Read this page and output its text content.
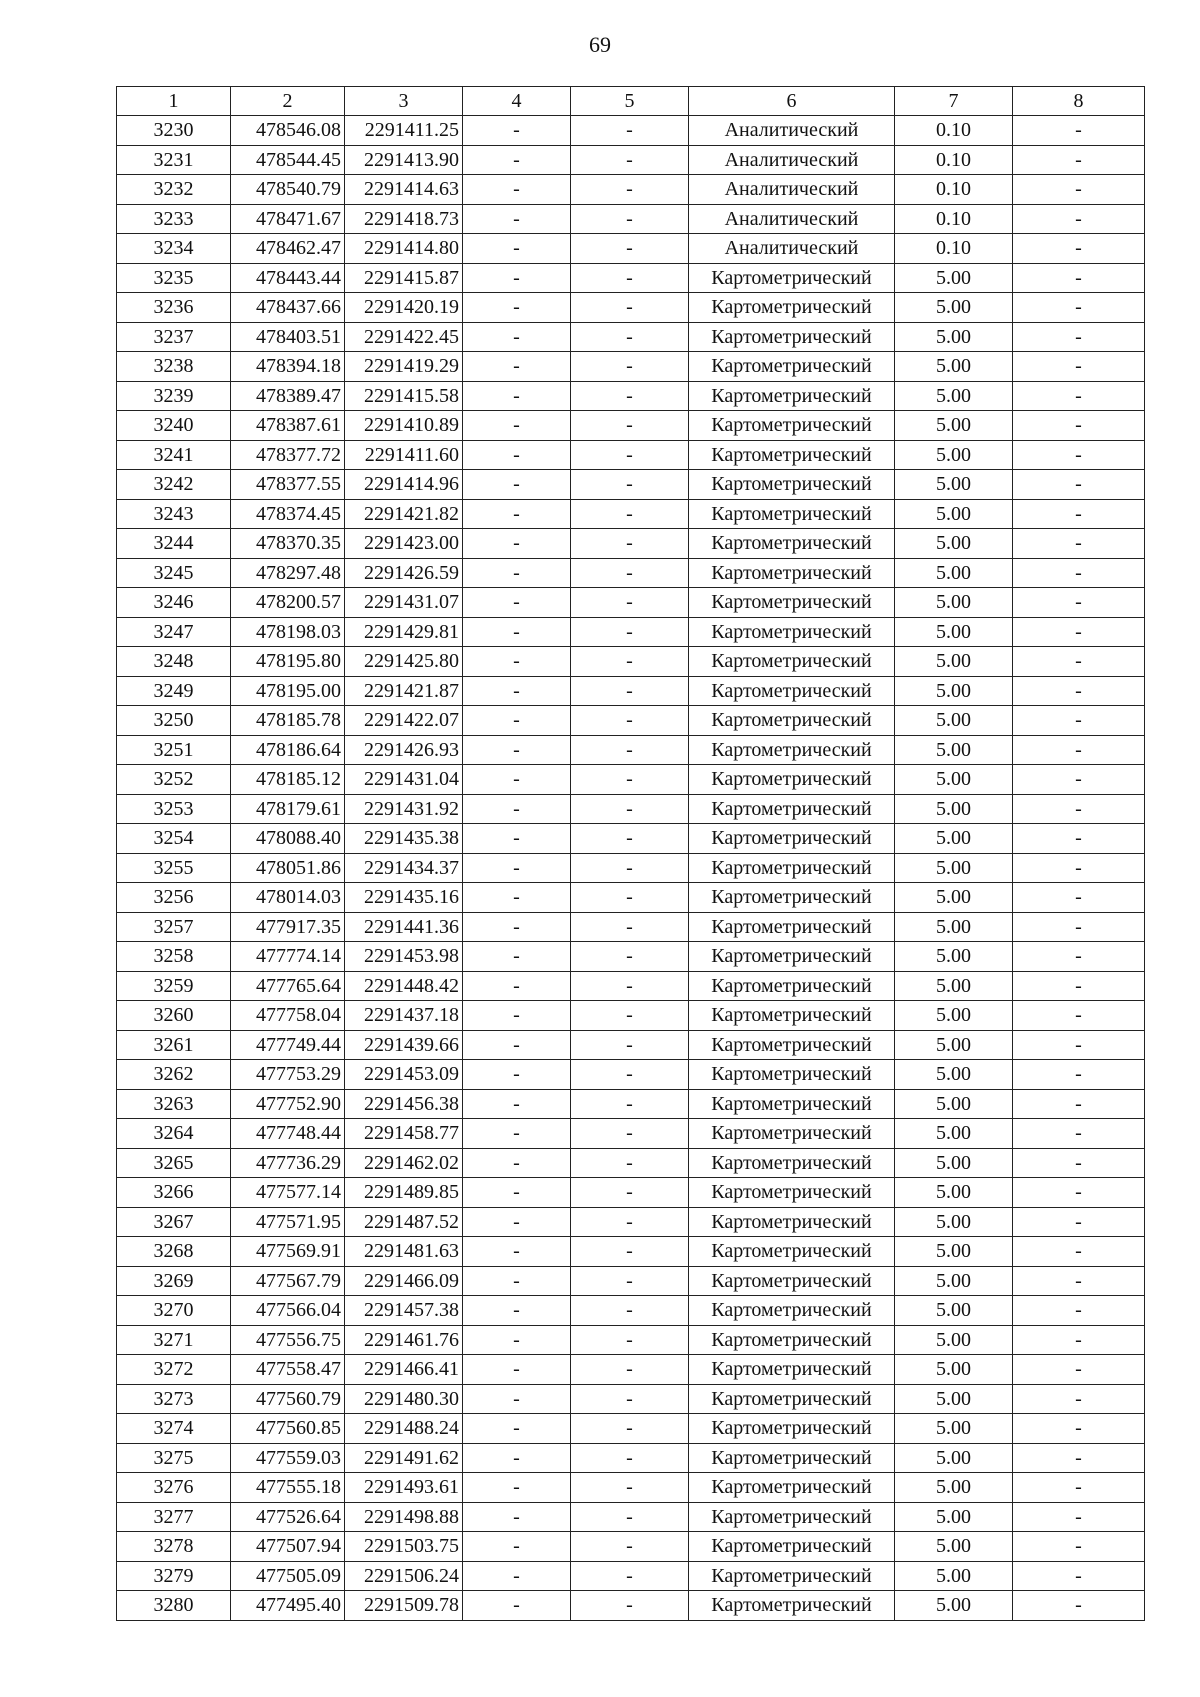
69
1	2	3	4	5	6	7	8
3230	478546.08	2291411.25	-	-	Аналитический	0.10	-
3231	478544.45	2291413.90	-	-	Аналитический	0.10	-
3232	478540.79	2291414.63	-	-	Аналитический	0.10	-
3233	478471.67	2291418.73	-	-	Аналитический	0.10	-
3234	478462.47	2291414.80	-	-	Аналитический	0.10	-
3235	478443.44	2291415.87	-	-	Картометрический	5.00	-
3236	478437.66	2291420.19	-	-	Картометрический	5.00	-
3237	478403.51	2291422.45	-	-	Картометрический	5.00	-
3238	478394.18	2291419.29	-	-	Картометрический	5.00	-
3239	478389.47	2291415.58	-	-	Картометрический	5.00	-
3240	478387.61	2291410.89	-	-	Картометрический	5.00	-
3241	478377.72	2291411.60	-	-	Картометрический	5.00	-
3242	478377.55	2291414.96	-	-	Картометрический	5.00	-
3243	478374.45	2291421.82	-	-	Картометрический	5.00	-
3244	478370.35	2291423.00	-	-	Картометрический	5.00	-
3245	478297.48	2291426.59	-	-	Картометрический	5.00	-
3246	478200.57	2291431.07	-	-	Картометрический	5.00	-
3247	478198.03	2291429.81	-	-	Картометрический	5.00	-
3248	478195.80	2291425.80	-	-	Картометрический	5.00	-
3249	478195.00	2291421.87	-	-	Картометрический	5.00	-
3250	478185.78	2291422.07	-	-	Картометрический	5.00	-
3251	478186.64	2291426.93	-	-	Картометрический	5.00	-
3252	478185.12	2291431.04	-	-	Картометрический	5.00	-
3253	478179.61	2291431.92	-	-	Картометрический	5.00	-
3254	478088.40	2291435.38	-	-	Картометрический	5.00	-
3255	478051.86	2291434.37	-	-	Картометрический	5.00	-
3256	478014.03	2291435.16	-	-	Картометрический	5.00	-
3257	477917.35	2291441.36	-	-	Картометрический	5.00	-
3258	477774.14	2291453.98	-	-	Картометрический	5.00	-
3259	477765.64	2291448.42	-	-	Картометрический	5.00	-
3260	477758.04	2291437.18	-	-	Картометрический	5.00	-
3261	477749.44	2291439.66	-	-	Картометрический	5.00	-
3262	477753.29	2291453.09	-	-	Картометрический	5.00	-
3263	477752.90	2291456.38	-	-	Картометрический	5.00	-
3264	477748.44	2291458.77	-	-	Картометрический	5.00	-
3265	477736.29	2291462.02	-	-	Картометрический	5.00	-
3266	477577.14	2291489.85	-	-	Картометрический	5.00	-
3267	477571.95	2291487.52	-	-	Картометрический	5.00	-
3268	477569.91	2291481.63	-	-	Картометрический	5.00	-
3269	477567.79	2291466.09	-	-	Картометрический	5.00	-
3270	477566.04	2291457.38	-	-	Картометрический	5.00	-
3271	477556.75	2291461.76	-	-	Картометрический	5.00	-
3272	477558.47	2291466.41	-	-	Картометрический	5.00	-
3273	477560.79	2291480.30	-	-	Картометрический	5.00	-
3274	477560.85	2291488.24	-	-	Картометрический	5.00	-
3275	477559.03	2291491.62	-	-	Картометрический	5.00	-
3276	477555.18	2291493.61	-	-	Картометрический	5.00	-
3277	477526.64	2291498.88	-	-	Картометрический	5.00	-
3278	477507.94	2291503.75	-	-	Картометрический	5.00	-
3279	477505.09	2291506.24	-	-	Картометрический	5.00	-
3280	477495.40	2291509.78	-	-	Картометрический	5.00	-
